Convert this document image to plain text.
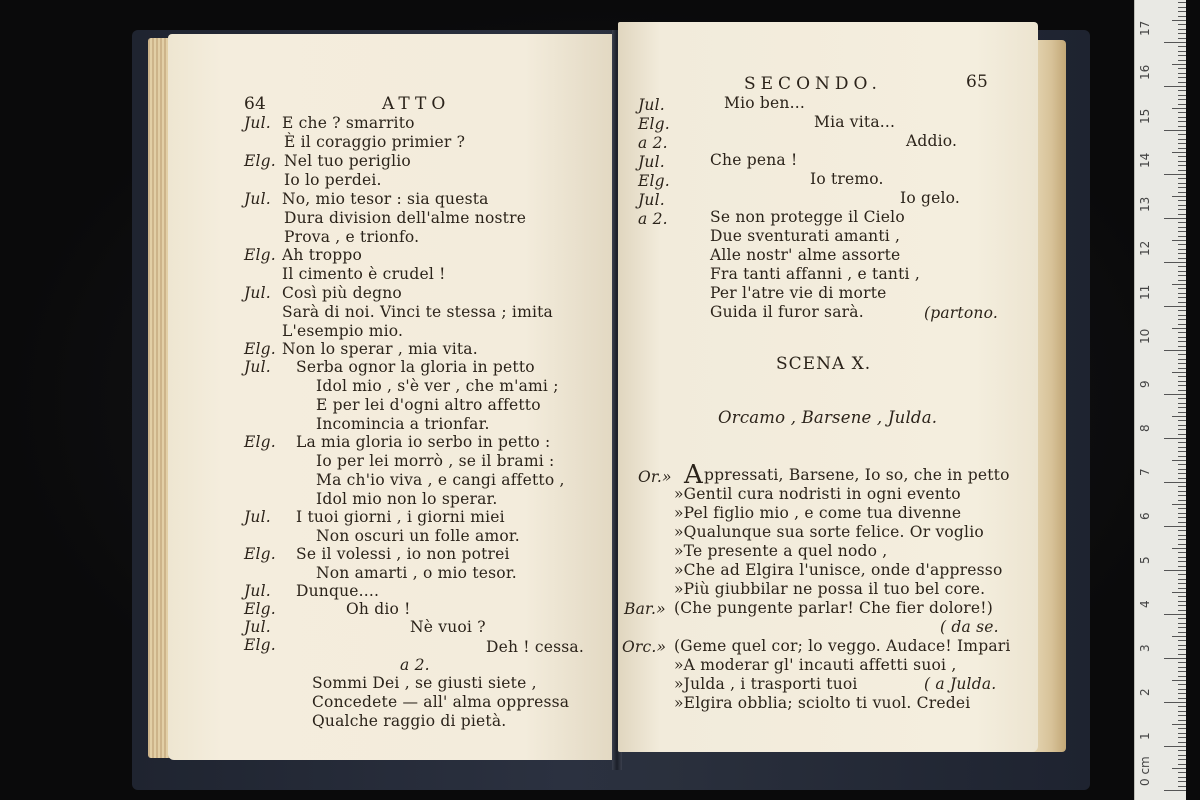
64	ATTO
Jul. E che ? smarrito
È il coraggio primier ?
Elg. Nel tuo periglio
Io lo perdei.
Jul. No, mio tesor : sia questa
Dura division dell'alme nostre
Prova , e trionfo.
Elg. Ah troppo
Il cimento è crudel !
Jul. Così più degno
Sarà di noi. Vinci te stessa ; imita
L'esempio mio.
Elg. Non lo sperar , mia vita.
Jul. Serba ognor la gloria in petto
Idol mio , s'è ver , che m'ami ;
E per lei d'ogni altro affetto
Incomincia a trionfar.
Elg. La mia gloria io serbo in petto :
Io per lei morrò , se il brami :
Ma ch'io viva , e cangi affetto ,
Idol mio non lo sperar.
Jul. I tuoi giorni , i giorni miei
Non oscuri un folle amor.
Elg. Se il volessi , io non potrei
Non amarti , o mio tesor.
Jul. Dunque....
Elg.	Oh dio !
Jul.	Nè vuoi ?
Elg.	Deh ! cessa.
a 2.
Sommi Dei , se giusti siete ,
Concedete — all' alma oppressa
Qualche raggio di pietà.
SECONDO.	65
Jul.	Mio ben...
Elg.	Mia vita...
a 2.	Addio.
Jul.	Che pena !
Elg.	Io tremo.
Jul.	Io gelo.
a 2.	Se non protegge il Cielo
Due sventurati amanti ,
Alle nostr' alme assorte
Fra tanti affanni , e tanti ,
Per l'atre vie di morte
Guida il furor sarà.	(partono.
SCENA X.
Orcamo , Barsene , Julda.
Or.» A ppressati, Barsene, Io so, che in petto
»Gentil cura nodristi in ogni evento
»Pel figlio mio , e come tua divenne
»Qualunque sua sorte felice. Or voglio
»Te presente a quel nodo ,
»Che ad Elgira l'unisce, onde d'appresso
»Più giubbilar ne possa il tuo bel core.
Bar.» (Che pungente parlar! Che fier dolore!)
( da se.
Orc.» (Geme quel cor; lo veggo. Audace! Impari
»A moderar gl' incauti affetti suoi ,
»Julda , i trasporti tuoi	( a Julda.
»Elgira obblia; sciolto ti vuol. Credei
0 cm
1
2
3
4
5
6
7
8
9
10
11
12
13
14
15
16
17
